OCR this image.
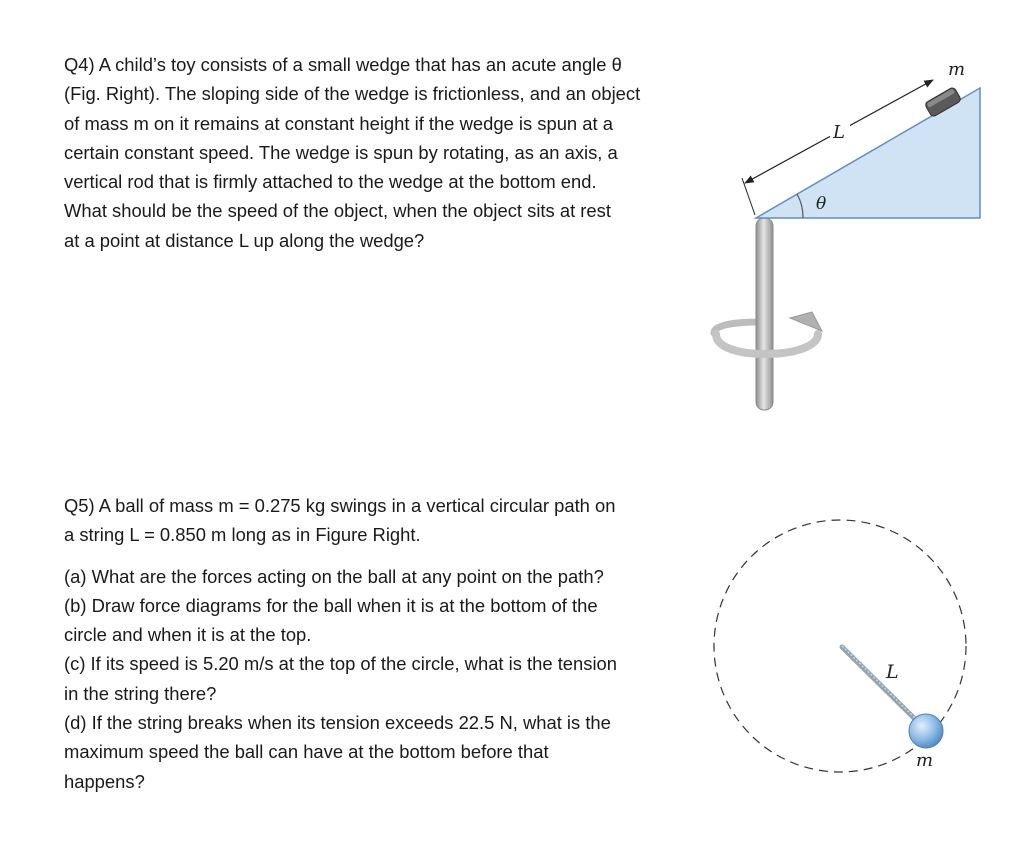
Q4) A child’s toy consists of a small wedge that has an acute angle θ

(Fig. Right). The sloping side of the wedge is frictionless, and an object

of mass m on it remains at constant height if the wedge is spun at a

certain constant speed. The wedge is spun by rotating, as an axis, a

vertical rod that is firmly attached to the wedge at the bottom end.

What should be the speed of the object, when the object sits at rest

at a point at distance L up along the wedge?

Q5) A ball of mass m = 0.275 kg swings in a vertical circular path on

a string L = 0.850 m long as in Figure Right.

(a) What are the forces acting on the ball at any point on the path?

(b) Draw force diagrams for the ball when it is at the bottom of the

circle and when it is at the top.

(c) If its speed is 5.20 m/s at the top of the circle, what is the tension

in the string there?

(d) If the string breaks when its tension exceeds 22.5 N, what is the

maximum speed the ball can have at the bottom before that

happens?

θ
L
m
L
m
